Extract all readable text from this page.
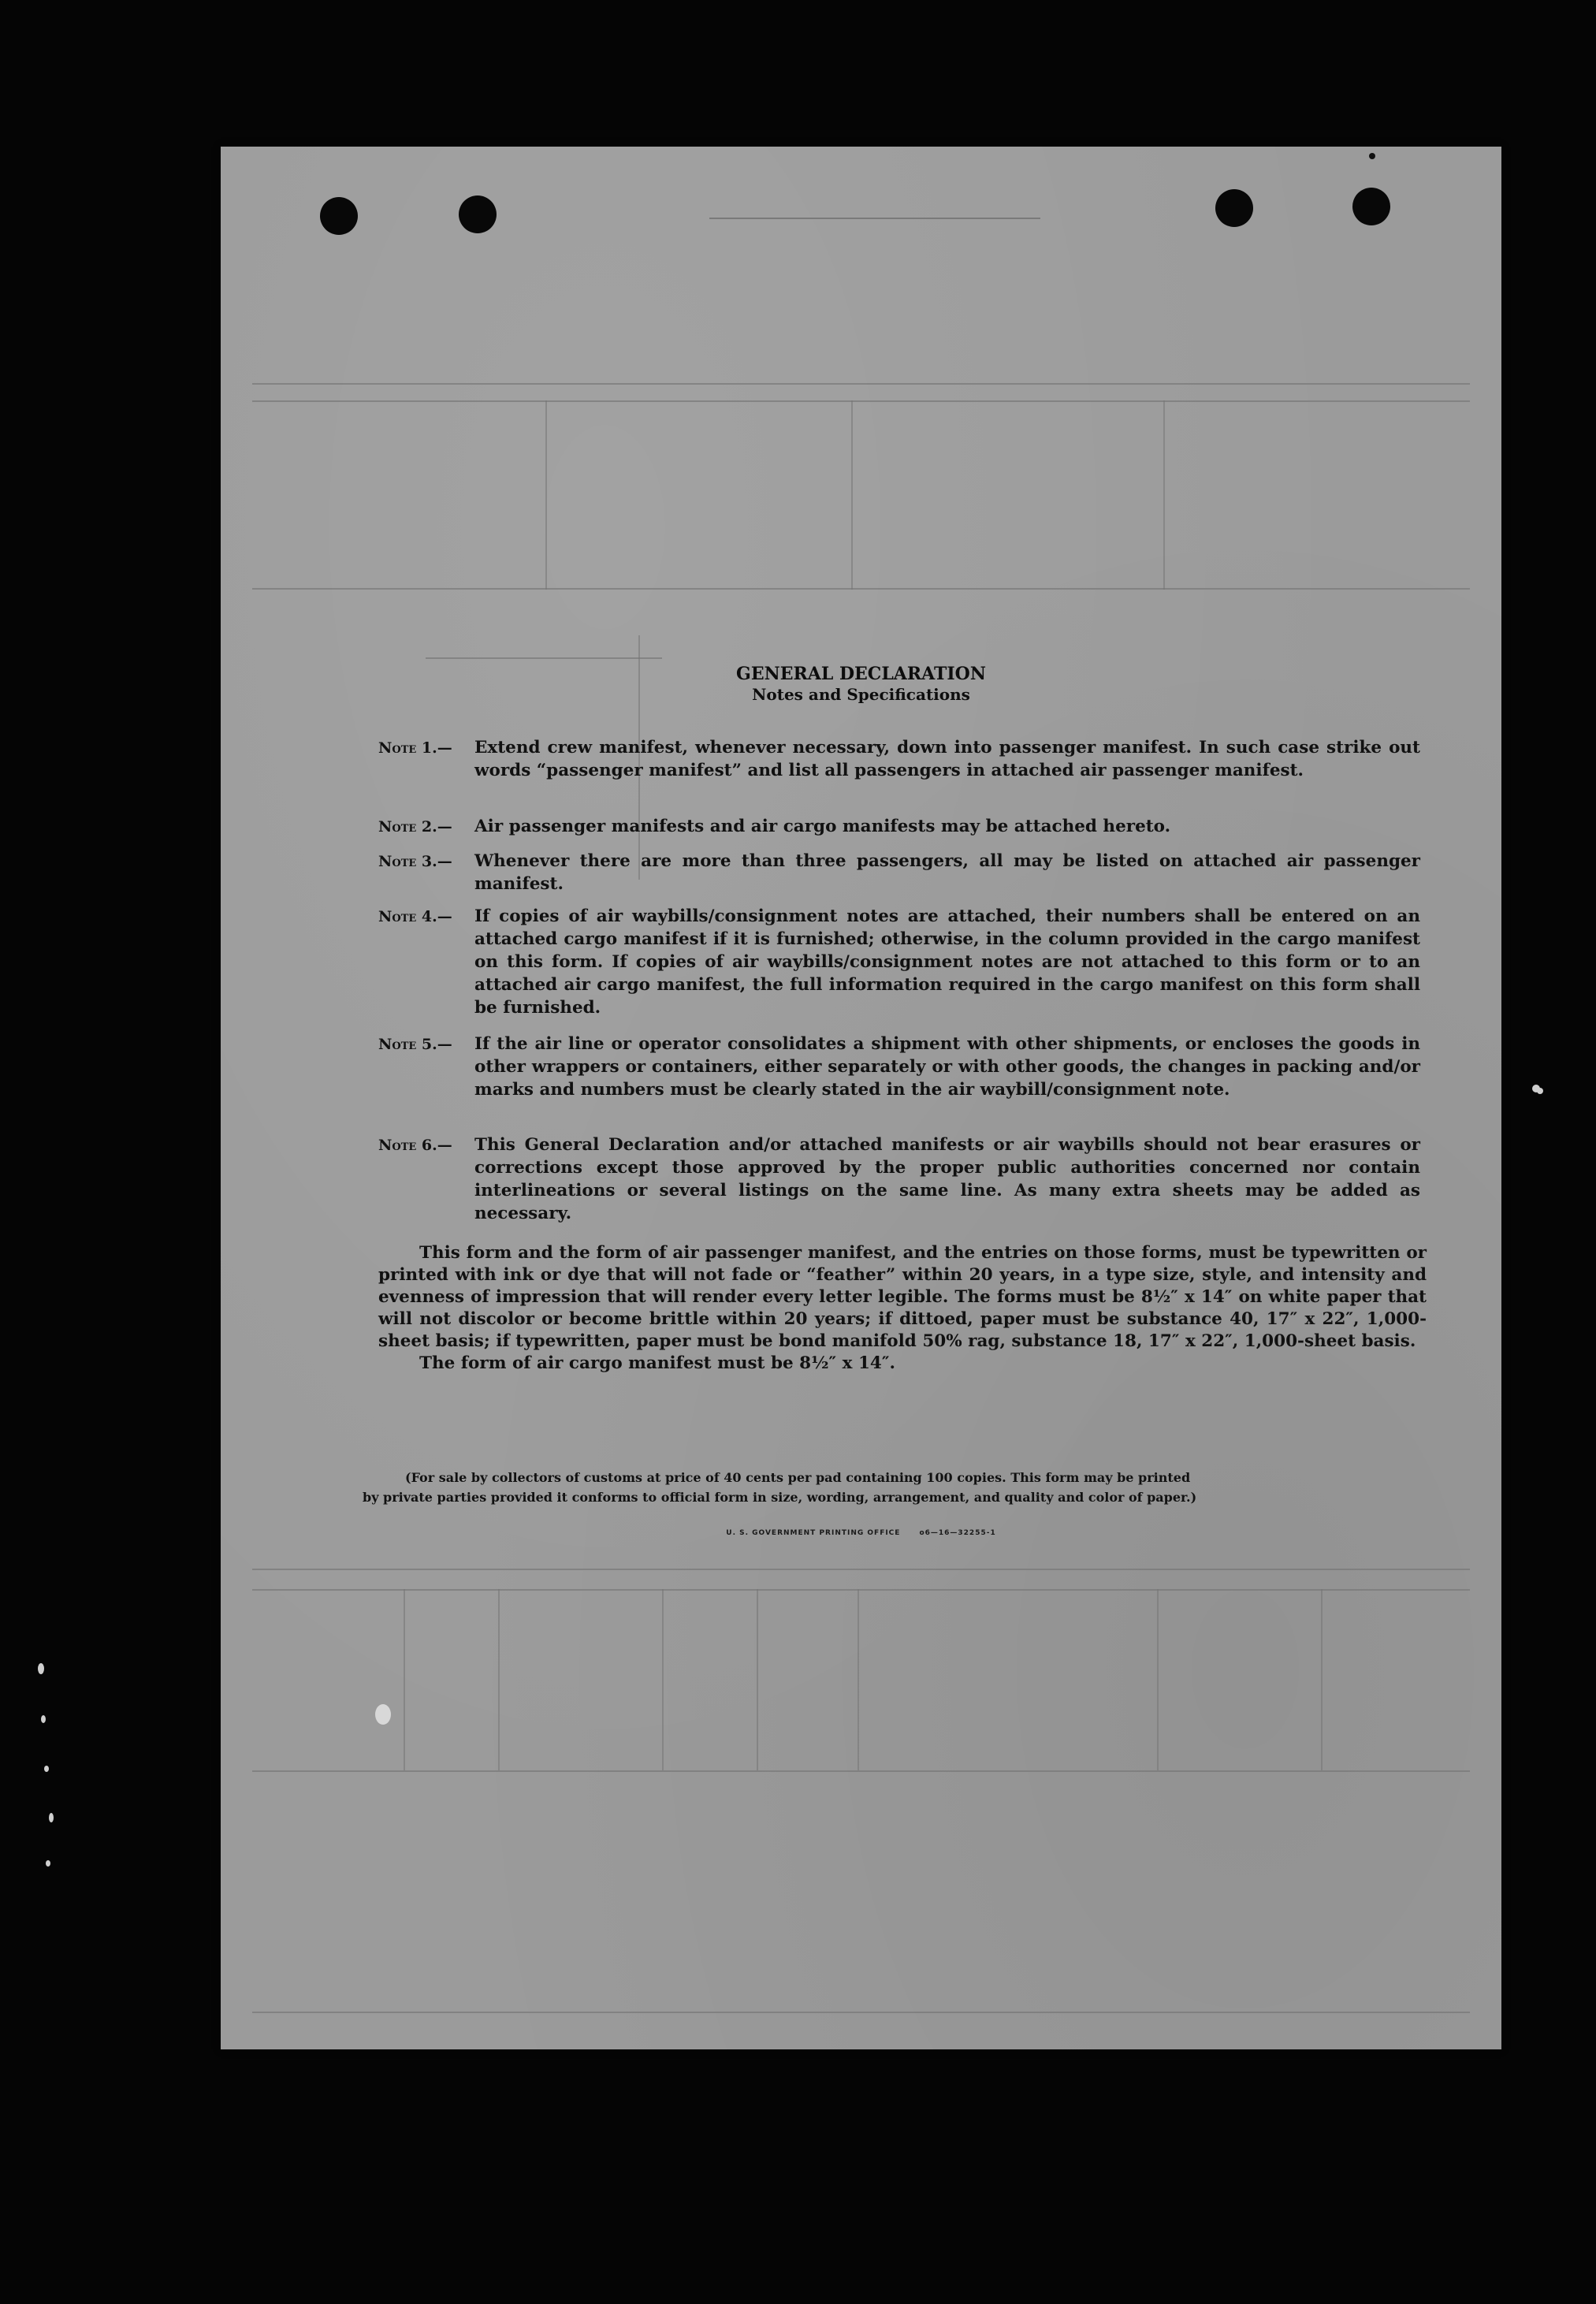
GENERAL DECLARATION
Notes and Specifications
Note 1.— Extend crew manifest, whenever necessary, down into passenger manifest. In such case strike out words “passenger manifest” and list all passengers in attached air passenger manifest.
Note 2.— Air passenger manifests and air cargo manifests may be attached hereto.
Note 3.— Whenever there are more than three passengers, all may be listed on attached air passenger manifest.
Note 4.— If copies of air waybills/consignment notes are attached, their numbers shall be entered on an attached cargo manifest if it is furnished; otherwise, in the column provided in the cargo manifest on this form. If copies of air waybills/consignment notes are not attached to this form or to an attached air cargo manifest, the full information required in the cargo manifest on this form shall be furnished.
Note 5.— If the air line or operator consolidates a shipment with other shipments, or encloses the goods in other wrappers or containers, either separately or with other goods, the changes in packing and/or marks and numbers must be clearly stated in the air waybill/consignment note.
Note 6.— This General Declaration and/or attached manifests or air waybills should not bear erasures or corrections except those approved by the proper public authorities concerned nor contain interlineations or several listings on the same line. As many extra sheets may be added as necessary.

This form and the form of air passenger manifest, and the entries on those forms, must be typewritten or printed with ink or dye that will not fade or “feather” within 20 years, in a type size, style, and intensity and evenness of impression that will render every letter legible. The forms must be 8½″ x 14″ on white paper that will not discolor or become brittle within 20 years; if dittoed, paper must be substance 40, 17″ x 22″, 1,000-sheet basis; if typewritten, paper must be bond manifold 50% rag, substance 18, 17″ x 22″, 1,000-sheet basis.

The form of air cargo manifest must be 8½″ x 14″.

(For sale by collectors of customs at price of 40 cents per pad containing 100 copies. This form may be printed
by private parties provided it conforms to official form in size, wording, arrangement, and quality and color of paper.)
U. S. GOVERNMENT PRINTING OFFICE	o6—16—32255-1
